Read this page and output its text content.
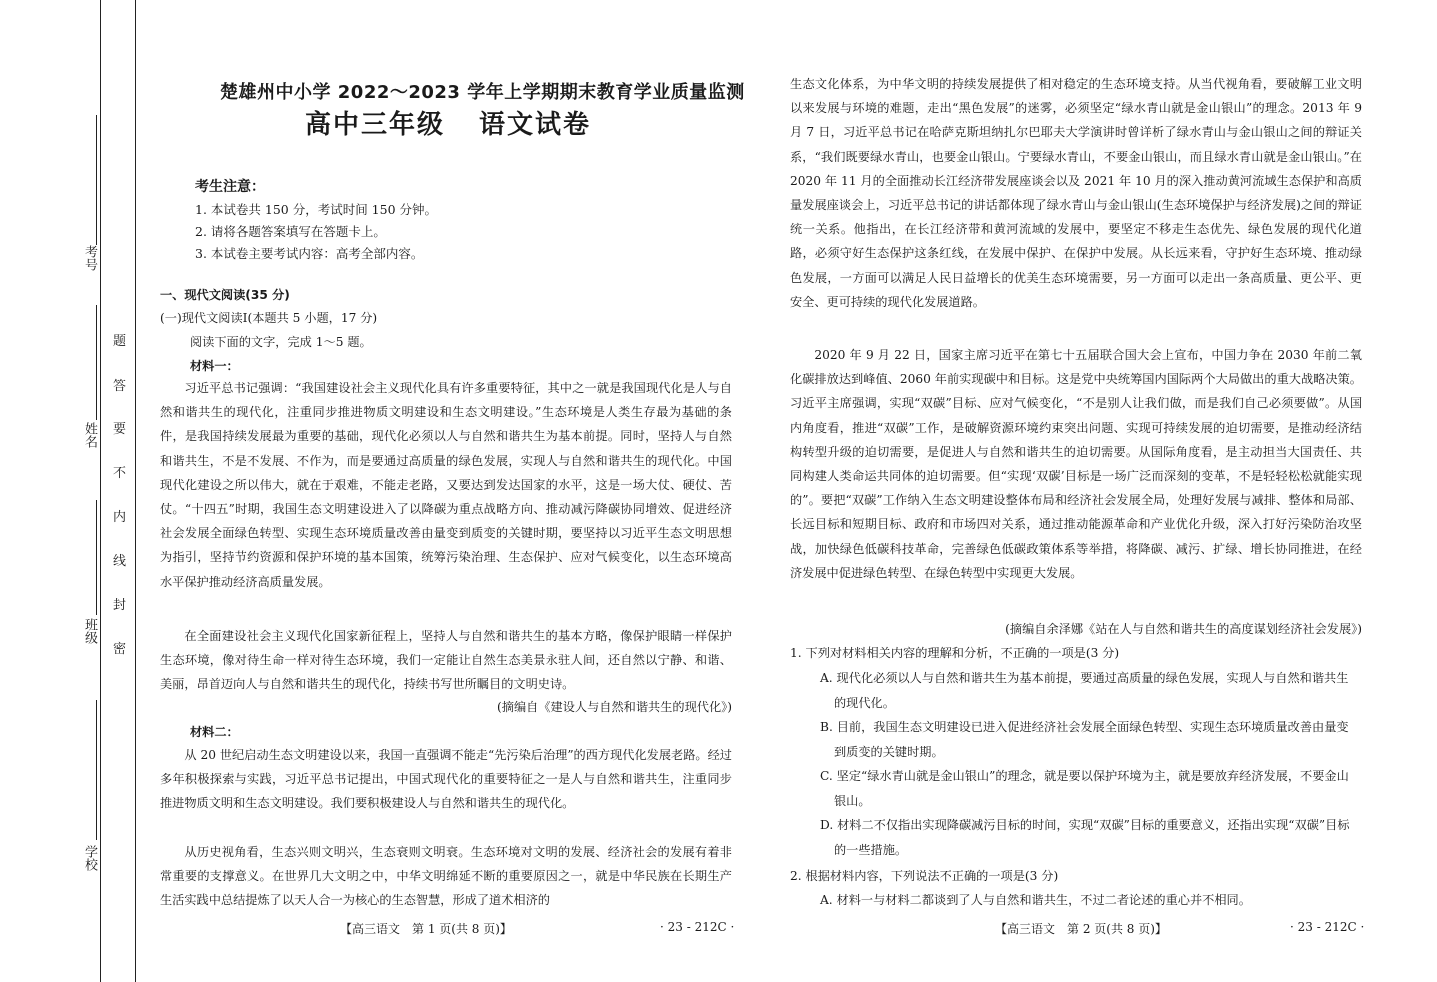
考号
姓名
班级
学校
题
答
要
不
内
线
封
密
楚雄州中小学 2022～2023 学年上学期期末教育学业质量监测
高中三年级 语文试卷
考生注意：
1. 本试卷共 150 分，考试时间 150 分钟。
2. 请将各题答案填写在答题卡上。
3. 本试卷主要考试内容：高考全部内容。
一、现代文阅读(35 分)
(一)现代文阅读Ⅰ(本题共 5 小题，17 分)
阅读下面的文字，完成 1～5 题。
材料一：
习近平总书记强调：“我国建设社会主义现代化具有许多重要特征，其中之一就是我国现代化是人与自然和谐共生的现代化，注重同步推进物质文明建设和生态文明建设。”生态环境是人类生存最为基础的条件，是我国持续发展最为重要的基础，现代化必须以人与自然和谐共生为基本前提。同时，坚持人与自然和谐共生，不是不发展、不作为，而是要通过高质量的绿色发展，实现人与自然和谐共生的现代化。中国现代化建设之所以伟大，就在于艰难，不能走老路，又要达到发达国家的水平，这是一场大仗、硬仗、苦仗。“十四五”时期，我国生态文明建设进入了以降碳为重点战略方向、推动减污降碳协同增效、促进经济社会发展全面绿色转型、实现生态环境质量改善由量变到质变的关键时期，要坚持以习近平生态文明思想为指引，坚持节约资源和保护环境的基本国策，统筹污染治理、生态保护、应对气候变化，以生态环境高水平保护推动经济高质量发展。
在全面建设社会主义现代化国家新征程上，坚持人与自然和谐共生的基本方略，像保护眼睛一样保护生态环境，像对待生命一样对待生态环境，我们一定能让自然生态美景永驻人间，还自然以宁静、和谐、美丽，昂首迈向人与自然和谐共生的现代化，持续书写世所瞩目的文明史诗。
(摘编自《建设人与自然和谐共生的现代化》)
材料二：
从 20 世纪启动生态文明建设以来，我国一直强调不能走“先污染后治理”的西方现代化发展老路。经过多年积极探索与实践，习近平总书记提出，中国式现代化的重要特征之一是人与自然和谐共生，注重同步推进物质文明和生态文明建设。我们要积极建设人与自然和谐共生的现代化。
从历史视角看，生态兴则文明兴，生态衰则文明衰。生态环境对文明的发展、经济社会的发展有着非常重要的支撑意义。在世界几大文明之中，中华文明绵延不断的重要原因之一，就是中华民族在长期生产生活实践中总结提炼了以天人合一为核心的生态智慧，形成了道术相济的
【高三语文　第 1 页(共 8 页)】	· 23 - 212C ·
生态文化体系，为中华文明的持续发展提供了相对稳定的生态环境支持。从当代视角看，要破解工业文明以来发展与环境的难题，走出“黑色发展”的迷雾，必须坚定“绿水青山就是金山银山”的理念。2013 年 9 月 7 日，习近平总书记在哈萨克斯坦纳扎尔巴耶夫大学演讲时曾详析了绿水青山与金山银山之间的辩证关系，“我们既要绿水青山，也要金山银山。宁要绿水青山，不要金山银山，而且绿水青山就是金山银山。”在 2020 年 11 月的全面推动长江经济带发展座谈会以及 2021 年 10 月的深入推动黄河流域生态保护和高质量发展座谈会上，习近平总书记的讲话都体现了绿水青山与金山银山(生态环境保护与经济发展)之间的辩证统一关系。他指出，在长江经济带和黄河流域的发展中，要坚定不移走生态优先、绿色发展的现代化道路，必须守好生态保护这条红线，在发展中保护、在保护中发展。从长远来看，守护好生态环境、推动绿色发展，一方面可以满足人民日益增长的优美生态环境需要，另一方面可以走出一条高质量、更公平、更安全、更可持续的现代化发展道路。
2020 年 9 月 22 日，国家主席习近平在第七十五届联合国大会上宣布，中国力争在 2030 年前二氧化碳排放达到峰值、2060 年前实现碳中和目标。这是党中央统筹国内国际两个大局做出的重大战略决策。习近平主席强调，实现“双碳”目标、应对气候变化，“不是别人让我们做，而是我们自己必须要做”。从国内角度看，推进“双碳”工作，是破解资源环境约束突出问题、实现可持续发展的迫切需要，是推动经济结构转型升级的迫切需要，是促进人与自然和谐共生的迫切需要。从国际角度看，是主动担当大国责任、共同构建人类命运共同体的迫切需要。但“实现‘双碳’目标是一场广泛而深刻的变革，不是轻轻松松就能实现的”。要把“双碳”工作纳入生态文明建设整体布局和经济社会发展全局，处理好发展与减排、整体和局部、长远目标和短期目标、政府和市场四对关系，通过推动能源革命和产业优化升级，深入打好污染防治攻坚战，加快绿色低碳科技革命，完善绿色低碳政策体系等举措，将降碳、减污、扩绿、增长协同推进，在经济发展中促进绿色转型、在绿色转型中实现更大发展。
(摘编自余泽娜《站在人与自然和谐共生的高度谋划经济社会发展》)
1. 下列对材料相关内容的理解和分析，不正确的一项是(3 分)
A. 现代化必须以人与自然和谐共生为基本前提，要通过高质量的绿色发展，实现人与自然和谐共生的现代化。
B. 目前，我国生态文明建设已进入促进经济社会发展全面绿色转型、实现生态环境质量改善由量变到质变的关键时期。
C. 坚定“绿水青山就是金山银山”的理念，就是要以保护环境为主，就是要放弃经济发展，不要金山银山。
D. 材料二不仅指出实现降碳减污目标的时间，实现“双碳”目标的重要意义，还指出实现“双碳”目标的一些措施。
2. 根据材料内容，下列说法不正确的一项是(3 分)
A. 材料一与材料二都谈到了人与自然和谐共生，不过二者论述的重心并不相同。
【高三语文　第 2 页(共 8 页)】	· 23 - 212C ·
